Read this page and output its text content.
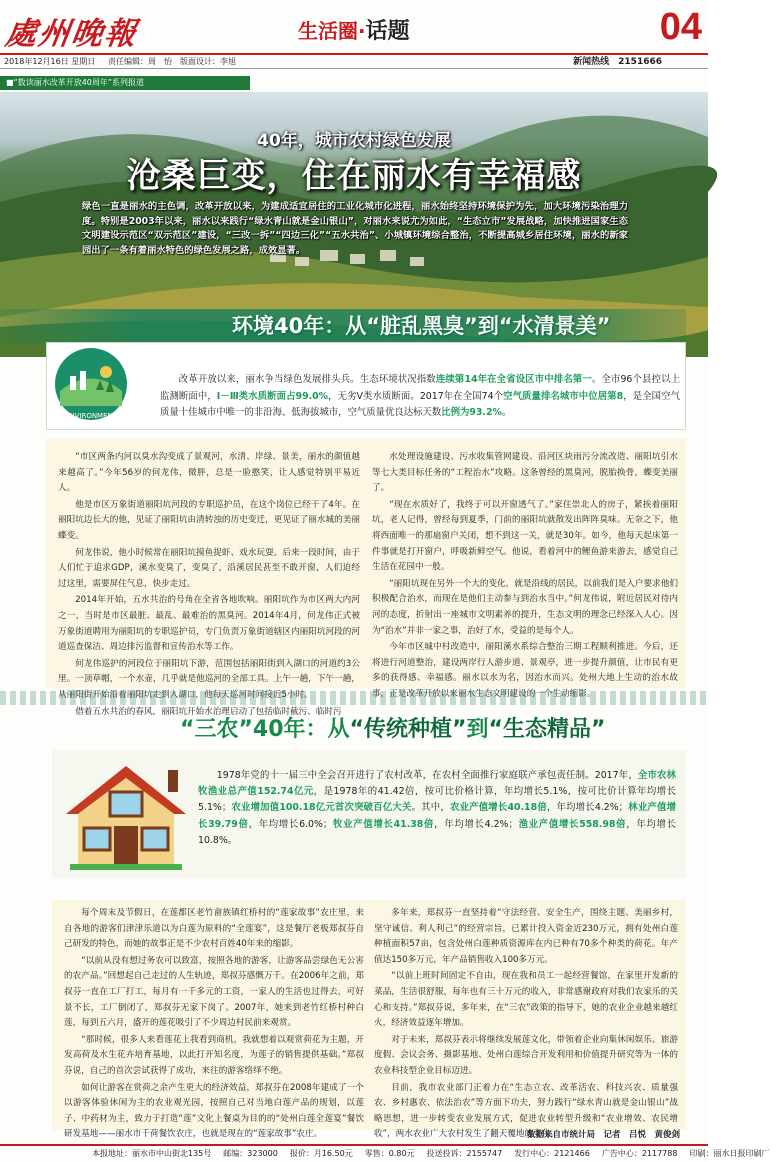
處州晚報	生活圈·话题	04
2018年12月16日 星期日 责任编辑：周　怡　版面设计：李旭	新闻热线　2151666
■“数读丽水改革开放40周年”系列报道
40年，城市农村绿色发展
沧桑巨变，住在丽水有幸福感
绿色一直是丽水的主色调，改革开放以来，为建成适宜居住的工业化城市化进程，丽水始终坚持环境保护为先，加大环境污染治理力度。特别是2003年以来，丽水以来践行“绿水青山就是金山银山”，对丽水来说尤为如此，“生态立市”发展战略，加快推进国家生态文明建设示范区“双示范区”建设，“三改一拆”“四边三化”“五水共治”、小城镇环境综合整治，不断提高城乡居住环境，丽水的新家园出了一条有着丽水特色的绿色发展之路，成效显著。
环境40年：从“脏乱黑臭”到“水清景美”
ENVIRONMENT
改革开放以来，丽水争当绿色发展排头兵。生态环境状况指数连续第14年在全省设区市中排名第一。全市96个县控以上监测断面中，Ⅰ－Ⅲ类水质断面占99.0%，无劣Ⅴ类水质断面。2017年在全国74个空气质量排名城市中位居第8，是全国空气质量十佳城市中唯一的非沿海、低海拔城市，空气质量优良达标天数比例为93.2%。

“市区两条内河以臭水沟变成了景观河，水清、岸绿、景美，丽水的颜值越来越高了。”今年56岁的何龙伟，微胖，总是一脸憨笑，让人感觉特别平易近人。

他是市区万象街道丽阳坑河段的专职巡护员，在这个岗位已经干了4年。在丽阳坑边长大的他，见证了丽阳坑由清转浊的历史变迁，更见证了丽水城的美丽蝶变。

何龙伟说，他小时候常在丽阳坑摸鱼捉虾、戏水玩耍。后来一段时间，由于人们忙于追求GDP，溪水变臭了，变臭了，沿溪居民甚至不敢开窗，人们迫经过这里，需要屏住气息，快步走过。

2014年开始，五水共治的号角在全省各地吹响。丽阳坑作为市区两大内河之一，当时是市区最脏、最乱、最难治的黑臭河。2014年4月，何龙伟正式被万象街道聘用为丽阳坑的专职巡护员，专门负责万象街道辖区内丽阳坑河段的河道巡查保洁、周边排污监督和宣传治水等工作。

何龙伟巡护的河段位于丽阳坑下游，范围包括丽阳街到入湖口的河道约3公里。一顶草帽，一个水壶，几乎就是他巡河的全部工具。上午一趟，下午一趟，从丽阳街开始沿着丽阳坑走到入湖口，他每天巡河时间接近5小时。

借着五水共治的春风，丽阳坑开始水治理启动了包括临时截污、临时污

水处理设施建设、污水收集管网建设、沿河区块雨污分流改造、丽阳坑引水等七大类目标任务的“工程治水”攻略。这条曾经的黑臭河，脱胎换骨，蝶变美丽了。

“现在水质好了，我终于可以开窗透气了。”家住崇北人的房子，紧挨着丽阳坑，老人记得，曾经每到夏季，门前的丽阳坑就散发出阵阵臭味。无奈之下，他将西面唯一的那扇窗户关闭，想不到这一关，就是30年。如今，他每天起床第一件事就是打开窗户，呼吸新鲜空气。他说，看着河中的鲤鱼游来游去，感觉自己生活在花园中一般。

“丽阳坑现在另外一个大的变化，就是沿线的居民，以前我们是入户要求他们积极配合治水，而现在是他们主动参与到治水当中。”何龙伟说，附近居民对待内河的态度，折射出一座城市文明素养的提升，生态文明的理念已经深入人心。因为“治水”并非一家之事，治好了水，受益的是每个人。

今年市区城中村改造中，丽阳溪水系综合整治三期工程顺利推进。今后，还将进行河道整治，建设两岸行人游步道、景观亭，进一步提升颜值，让市民有更多的获得感、幸福感。丽水以水为名，因治水而兴。处州大地上生动的治水故事，正是改革开放以来丽水生态文明建设的一个生动缩影。

“三农”40年：从“传统种植”到“生态精品”
1978年党的十一届三中全会召开进行了农村改革，在农村全面推行家庭联产承包责任制。2017年，全市农林牧渔业总产值152.74亿元，是1978年的41.42倍，按可比价格计算，年均增长5.1%，按可比价计算年均增长5.1%；农业增加值100.18亿元首次突破百亿大关。其中，农业产值增长40.18倍，年均增长4.2%；林业产值增长39.79倍，年均增长6.0%；牧业产值增长41.38倍，年均增长4.2%；渔业产值增长558.98倍，年均增长10.8%。

每个周末及节假日，在莲都区老竹畲族镇红桥村的“莲家故事”农庄里，来自各地的游客们津津乐道以为白莲为原料的“全莲宴”，这是餐厅老板郑叔芬自己研发的特色，而她的故事正是不少农村百姓40年来的缩影。

“以前从没有想过务农可以致富，按照各地的游客，让游客品尝绿色无公害的农产品。”回想起自己走过的人生轨迹，郑叔芬感慨万千。在2006年之前，郑叔芬一直在工厂打工，每月有一千多元的工资，一家人的生活也过得去，可好景不长，工厂倒闭了，郑叔芬无家下岗了。2007年，她来到老竹红桥村种白莲，每到五六月，盛开的莲花吸引了不少周边村民前来观赏。

“那时候，很多人来看莲花上我看到商机，我就想着以观赏荷花为主题，开发高荷及水生花卉培育基地，以此打开知名度，为莲子的销售提供基础。”郑叔芬说，自己的首次尝试获得了成功，来往的游客络绎不绝。

如何让游客在赏荷之余产生更大的经济效益，郑叔芬在2008年建成了一个以游客体验休闲为主的农业观光园，按照自己对当地白莲产品的规划，以莲子、中药材为主，致力于打造“莲”文化上餐桌为目的的“处州白莲全莲宴”餐饮研发基地——丽水市千荷餐饮农庄，也就是现在的“莲家故事”农庄。

多年来，郑叔芬一直坚持着“守法经营、安全生产，围绕主题、美丽乡村，坚守诚信、利人利己”的经营宗旨，已累计投入资金近230万元，拥有处州白莲种植面积57亩，包含处州白莲种质资源库在内已种有70多个种类的荷花。年产值达150多万元，年产品销售收入100多万元。

“以前上班时间固定不自由，现在我和员工一起经营餐馆，在家里开发新的菜品，生活很舒服，每年也有三十万元的收入，非常感谢政府对我们农家乐的关心和支持。”郑叔芬说，多年来，在“三农”政策的指导下，她的农业企业越来越红火，经济效益逐年增加。

对于未来，郑叔芬表示将继续发展莲文化，带领着企业向集休闲娱乐、旅游度假、会议会务、摄影基地、处州白莲综合开发利用和价值提升研究等为一体的农业科技型企业目标迈进。

目前，我市农业部门正着力在“生态立农、改革活农、科技兴农、质量强农、乡村惠农、依法治农”等方面下功夫，努力践行“绿水青山就是金山银山”战略思想，进一步转变农业发展方式，促进农业转型升级和“农业增效、农民增收”，两水农业广大农村发生了翻天覆地的变化。

数据来自市统计局　记者　吕悦　黄俊剑
本报地址：丽水市中山街北135号 邮编：323000 报价：月16.50元 零售：0.80元 投送投诉：2155747 发行中心：2121466 广告中心：2117788 印刷：丽水日报印刷厂
